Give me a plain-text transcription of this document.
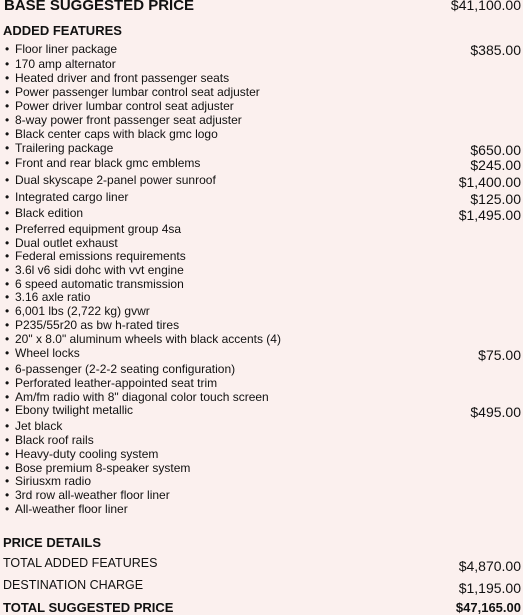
BASE SUGGESTED PRICE	$41,100.00
ADDED FEATURES
• Floor liner package	$385.00
• 170 amp alternator
• Heated driver and front passenger seats
• Power passenger lumbar control seat adjuster
• Power driver lumbar control seat adjuster
• 8-way power front passenger seat adjuster
• Black center caps with black gmc logo
• Trailering package	$650.00
• Front and rear black gmc emblems	$245.00
• Dual skyscape 2-panel power sunroof	$1,400.00
• Integrated cargo liner	$125.00
• Black edition	$1,495.00
• Preferred equipment group 4sa
• Dual outlet exhaust
• Federal emissions requirements
• 3.6l v6 sidi dohc with vvt engine
• 6 speed automatic transmission
• 3.16 axle ratio
• 6,001 lbs (2,722 kg) gvwr
• P235/55r20 as bw h-rated tires
• 20" x 8.0" aluminum wheels with black accents (4)
• Wheel locks	$75.00
• 6-passenger (2-2-2 seating configuration)
• Perforated leather-appointed seat trim
• Am/fm radio with 8" diagonal color touch screen
• Ebony twilight metallic	$495.00
• Jet black
• Black roof rails
• Heavy-duty cooling system
• Bose premium 8-speaker system
• Siriusxm radio
• 3rd row all-weather floor liner
• All-weather floor liner
PRICE DETAILS
TOTAL ADDED FEATURES	$4,870.00
DESTINATION CHARGE	$1,195.00
TOTAL SUGGESTED PRICE	$47,165.00
